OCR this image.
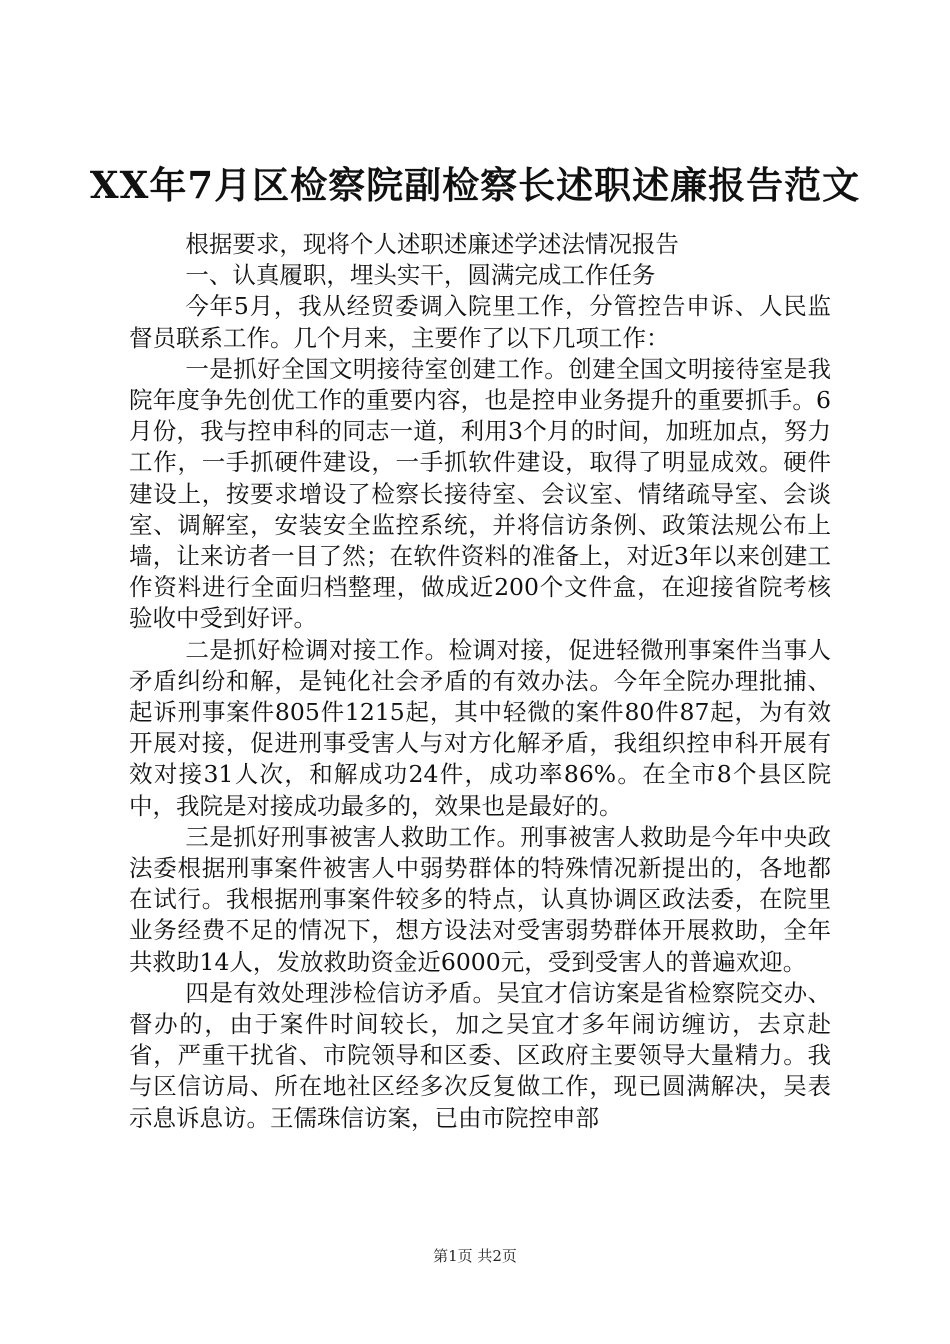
XX年7月区检察院副检察长述职述廉报告范文

根据要求，现将个人述职述廉述学述法情况报告

一、认真履职，埋头实干，圆满完成工作任务

今年5月，我从经贸委调入院里工作，分管控告申诉、人民监督员联系工作。几个月来，主要作了以下几项工作：

一是抓好全国文明接待室创建工作。创建全国文明接待室是我院年度争先创优工作的重要内容，也是控申业务提升的重要抓手。6月份，我与控申科的同志一道，利用3个月的时间，加班加点，努力工作，一手抓硬件建设，一手抓软件建设，取得了明显成效。硬件建设上，按要求增设了检察长接待室、会议室、情绪疏导室、会谈室、调解室，安装安全监控系统，并将信访条例、政策法规公布上墙，让来访者一目了然；在软件资料的准备上，对近3年以来创建工作资料进行全面归档整理，做成近200个文件盒，在迎接省院考核验收中受到好评。

二是抓好检调对接工作。检调对接，促进轻微刑事案件当事人矛盾纠纷和解，是钝化社会矛盾的有效办法。今年全院办理批捕、起诉刑事案件805件1215起，其中轻微的案件80件87起，为有效开展对接，促进刑事受害人与对方化解矛盾，我组织控申科开展有效对接31人次，和解成功24件，成功率86%。在全市8个县区院中，我院是对接成功最多的，效果也是最好的。

三是抓好刑事被害人救助工作。刑事被害人救助是今年中央政法委根据刑事案件被害人中弱势群体的特殊情况新提出的，各地都在试行。我根据刑事案件较多的特点，认真协调区政法委，在院里业务经费不足的情况下，想方设法对受害弱势群体开展救助，全年共救助14人，发放救助资金近6000元，受到受害人的普遍欢迎。

四是有效处理涉检信访矛盾。吴宜才信访案是省检察院交办、督办的，由于案件时间较长，加之吴宜才多年闹访缠访，去京赴省，严重干扰省、市院领导和区委、区政府主要领导大量精力。我与区信访局、所在地社区经多次反复做工作，现已圆满解决，吴表示息诉息访。王儒珠信访案，已由市院控申部

第1页 共2页
